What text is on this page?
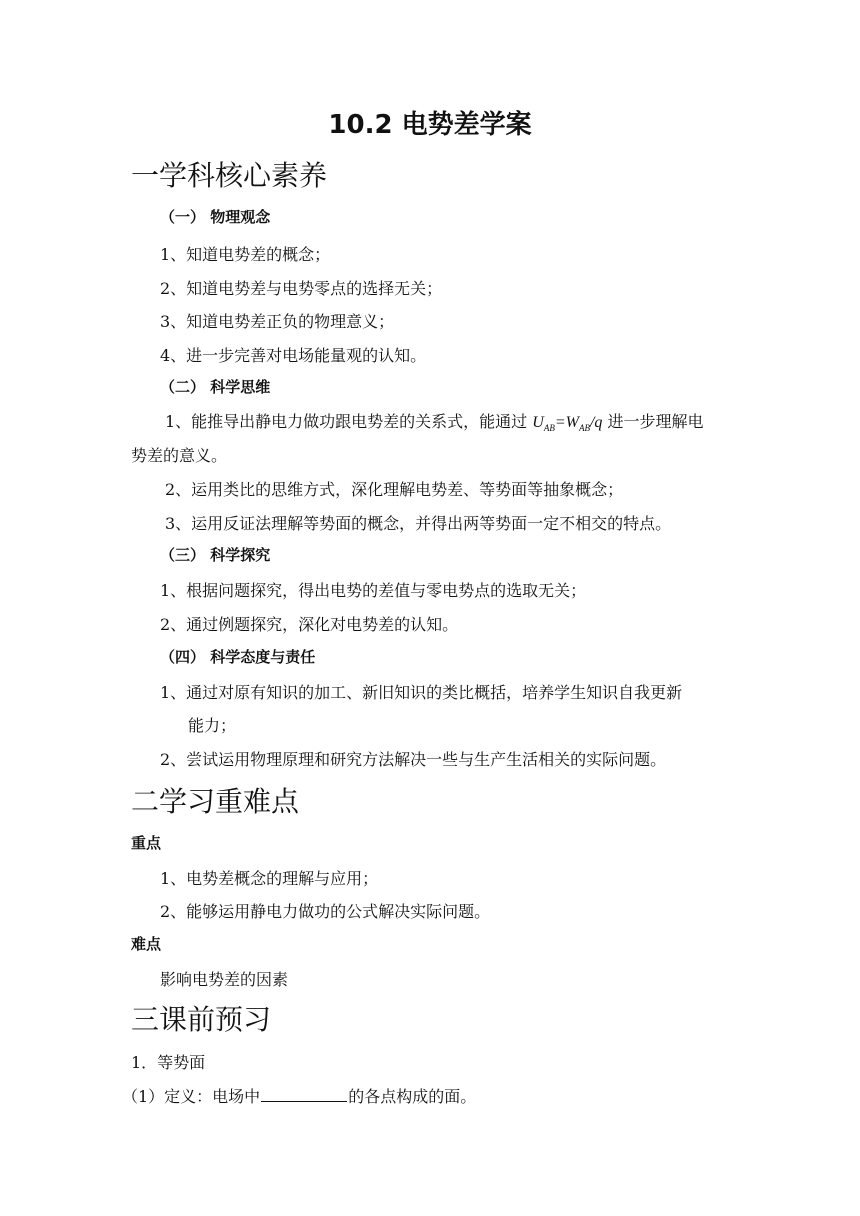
10.2 电势差学案
一学科核心素养
（一） 物理观念
1、知道电势差的概念；
2、知道电势差与电势零点的选择无关；
3、知道电势差正负的物理意义；
4、进一步完善对电场能量观的认知。
（二） 科学思维
1、能推导出静电力做功跟电势差的关系式，能通过 $U_{AB}=W_{AB}/q$ 进一步理解电
势差的意义。
2、运用类比的思维方式，深化理解电势差、等势面等抽象概念；
3、运用反证法理解等势面的概念，并得出两等势面一定不相交的特点。
（三） 科学探究
1、根据问题探究，得出电势的差值与零电势点的选取无关；
2、通过例题探究，深化对电势差的认知。
（四） 科学态度与责任
1、通过对原有知识的加工、新旧知识的类比概括，培养学生知识自我更新
能力；
2、尝试运用物理原理和研究方法解决一些与生产生活相关的实际问题。
二学习重难点
重点
1、电势差概念的理解与应用；
2、能够运用静电力做功的公式解决实际问题。
难点
影响电势差的因素
三课前预习
1．等势面
（1）定义：电场中	的各点构成的面。
